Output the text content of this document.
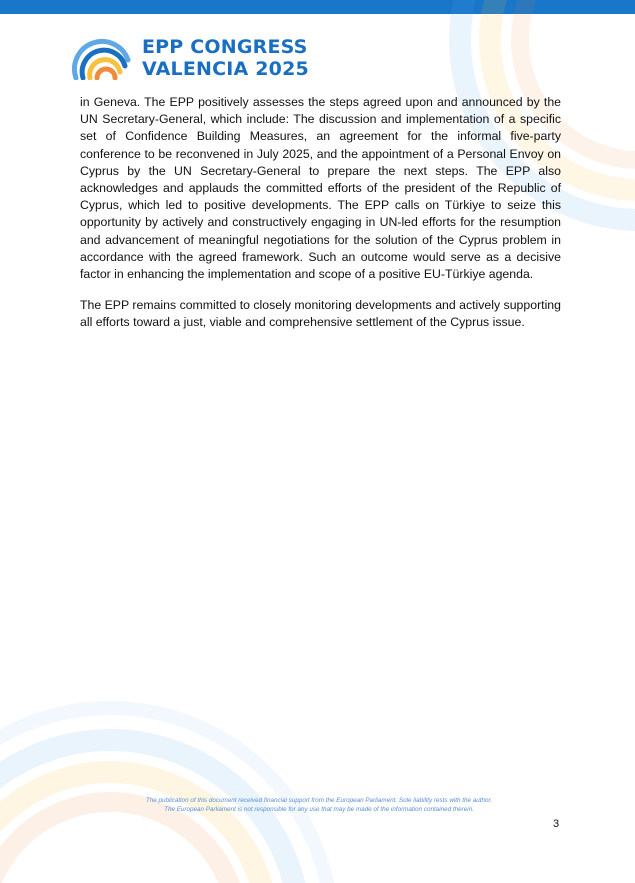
EPP CONGRESS
VALENCIA 2025

in Geneva. The EPP positively assesses the steps agreed upon and announced by the UN Secretary-General, which include: The discussion and implementation of a specific set of Confidence Building Measures, an agreement for the informal five-party conference to be reconvened in July 2025, and the appointment of a Personal Envoy on Cyprus by the UN Secretary-General to prepare the next steps. The EPP also acknowledges and applauds the committed efforts of the president of the Republic of Cyprus, which led to positive developments. The EPP calls on Türkiye to seize this opportunity by actively and constructively engaging in UN-led efforts for the resumption and advancement of meaningful negotiations for the solution of the Cyprus problem in accordance with the agreed framework. Such an outcome would serve as a decisive factor in enhancing the implementation and scope of a positive EU-Türkiye agenda.

The EPP remains committed to closely monitoring developments and actively supporting all efforts toward a just, viable and comprehensive settlement of the Cyprus issue.

The publication of this document received financial support from the European Parliament. Sole liability rests with the author.
The European Parliament is not responsible for any use that may be made of the information contained therein.
3
